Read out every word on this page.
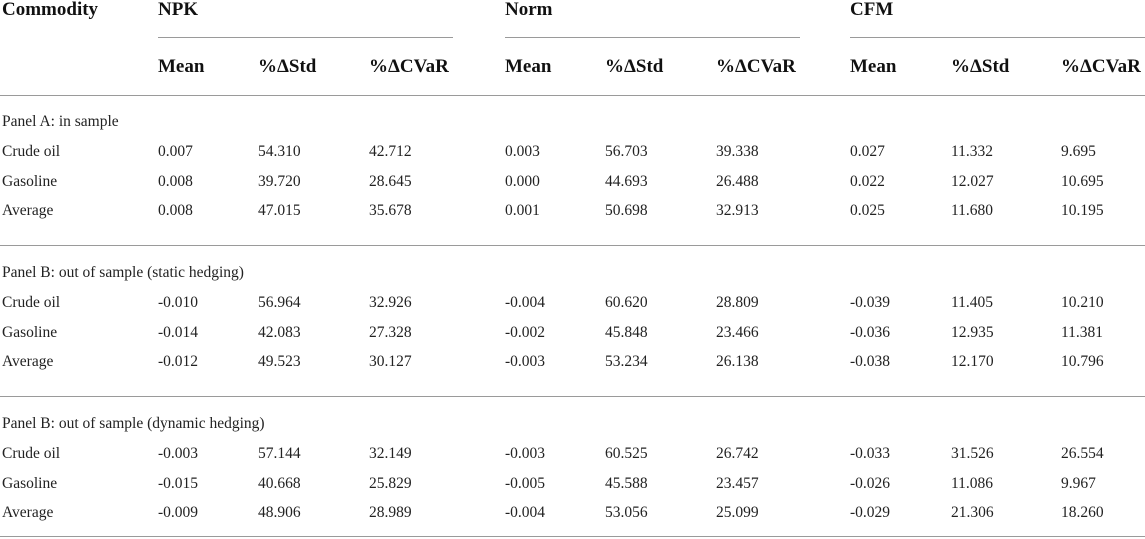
Commodity	NPK	Norm	CFM
Mean	%ΔStd	%ΔCVaR	Mean	%ΔStd	%ΔCVaR	Mean	%ΔStd	%ΔCVaR
Panel A: in sample
Crude oil	0.007	54.310	42.712	0.003	56.703	39.338	0.027	11.332	9.695
Gasoline	0.008	39.720	28.645	0.000	44.693	26.488	0.022	12.027	10.695
Average	0.008	47.015	35.678	0.001	50.698	32.913	0.025	11.680	10.195
Panel B: out of sample (static hedging)
Crude oil	-0.010	56.964	32.926	-0.004	60.620	28.809	-0.039	11.405	10.210
Gasoline	-0.014	42.083	27.328	-0.002	45.848	23.466	-0.036	12.935	11.381
Average	-0.012	49.523	30.127	-0.003	53.234	26.138	-0.038	12.170	10.796
Panel B: out of sample (dynamic hedging)
Crude oil	-0.003	57.144	32.149	-0.003	60.525	26.742	-0.033	31.526	26.554
Gasoline	-0.015	40.668	25.829	-0.005	45.588	23.457	-0.026	11.086	9.967
Average	-0.009	48.906	28.989	-0.004	53.056	25.099	-0.029	21.306	18.260
